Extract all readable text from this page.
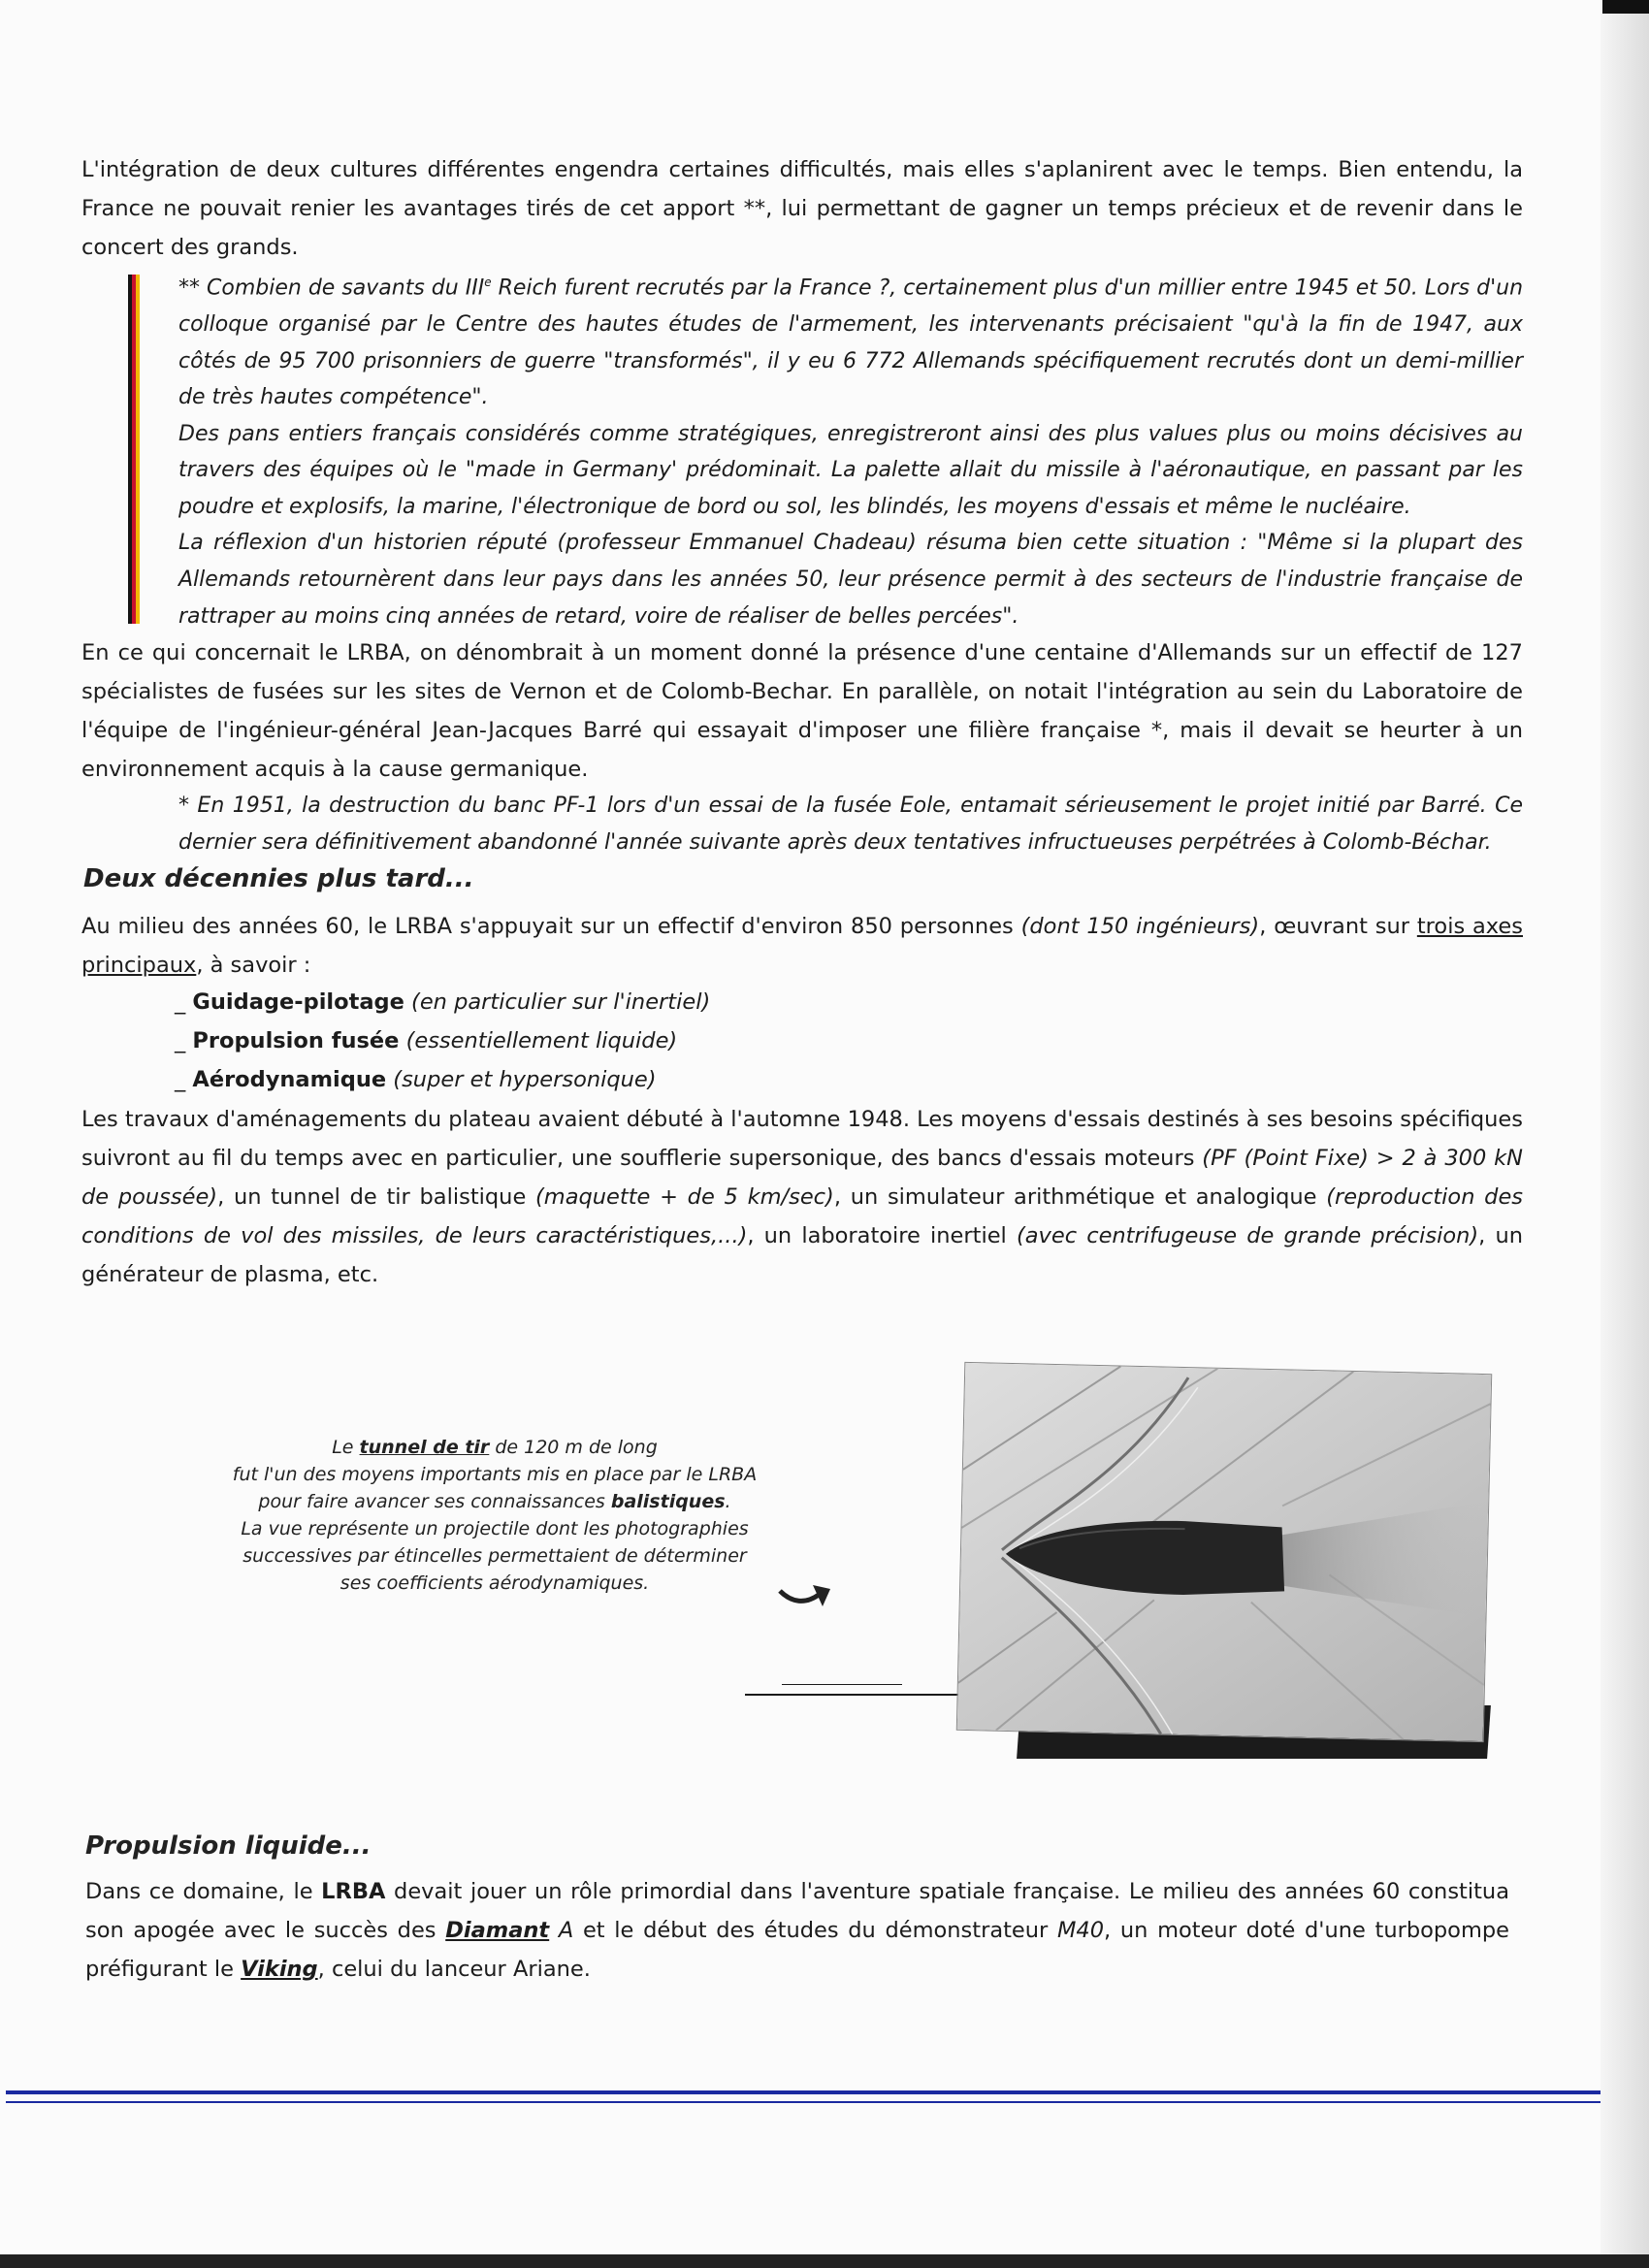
L'intégration de deux cultures différentes engendra certaines difficultés, mais elles s'aplanirent avec le temps. Bien entendu, la France ne pouvait renier les avantages tirés de cet apport **, lui permettant de gagner un temps précieux et de revenir dans le concert des grands.

** Combien de savants du IIIe Reich furent recrutés par la France ?, certainement plus d'un millier entre 1945 et 50. Lors d'un colloque organisé par le Centre des hautes études de l'armement, les intervenants précisaient "qu'à la fin de 1947, aux côtés de 95 700 prisonniers de guerre "transformés", il y eu 6 772 Allemands spécifiquement recrutés dont un demi-millier de très hautes compétence".

Des pans entiers français considérés comme stratégiques, enregistreront ainsi des plus values plus ou moins décisives au travers des équipes où le "made in Germany' prédominait. La palette allait du missile à l'aéronautique, en passant par les poudre et explosifs, la marine, l'électronique de bord ou sol, les blindés, les moyens d'essais et même le nucléaire.

La réflexion d'un historien réputé (professeur Emmanuel Chadeau) résuma bien cette situation : "Même si la plupart des Allemands retournèrent dans leur pays dans les années 50, leur présence permit à des secteurs de l'industrie française de rattraper au moins cinq années de retard, voire de réaliser de belles percées".

En ce qui concernait le LRBA, on dénombrait à un moment donné la présence d'une centaine d'Allemands sur un effectif de 127 spécialistes de fusées sur les sites de Vernon et de Colomb-Bechar. En parallèle, on notait l'intégration au sein du Laboratoire de l'équipe de l'ingénieur-général Jean-Jacques Barré qui essayait d'imposer une filière française *, mais il devait se heurter à un environnement acquis à la cause germanique.

* En 1951, la destruction du banc PF-1 lors d'un essai de la fusée Eole, entamait sérieusement le projet initié par Barré. Ce dernier sera définitivement abandonné l'année suivante après deux tentatives infructueuses perpétrées à Colomb-Béchar.

Deux décennies plus tard...

Au milieu des années 60, le LRBA s'appuyait sur un effectif d'environ 850 personnes (dont 150 ingénieurs), œuvrant sur trois axes principaux, à savoir :

_ Guidage-pilotage (en particulier sur l'inertiel)
_ Propulsion fusée (essentiellement liquide)
_ Aérodynamique (super et hypersonique)

Les travaux d'aménagements du plateau avaient débuté à l'automne 1948. Les moyens d'essais destinés à ses besoins spécifiques suivront au fil du temps avec en particulier, une soufflerie supersonique, des bancs d'essais moteurs (PF (Point Fixe) > 2 à 300 kN de poussée), un tunnel de tir balistique (maquette + de 5 km/sec), un simulateur arithmétique et analogique (reproduction des conditions de vol des missiles, de leurs caractéristiques,...), un laboratoire inertiel (avec centrifugeuse de grande précision), un générateur de plasma, etc.

Le tunnel de tir de 120 m de long

fut l'un des moyens importants mis en place par le LRBA

pour faire avancer ses connaissances balistiques.

La vue représente un projectile dont les photographies

successives par étincelles permettaient de déterminer

ses coefficients aérodynamiques.

Propulsion liquide...

Dans ce domaine, le LRBA devait jouer un rôle primordial dans l'aventure spatiale française. Le milieu des années 60 constitua son apogée avec le succès des Diamant A et le début des études du démonstrateur M40, un moteur doté d'une turbopompe préfigurant le Viking, celui du lanceur Ariane.
